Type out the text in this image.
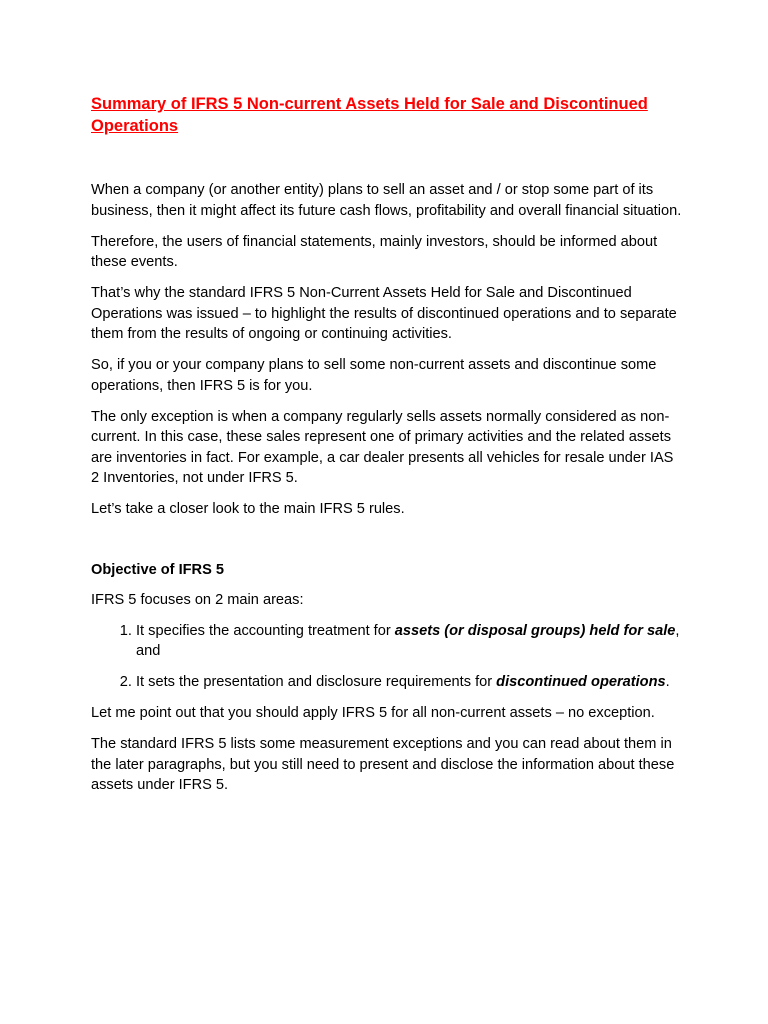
Summary of IFRS 5 Non-current Assets Held for Sale and Discontinued Operations

When a company (or another entity) plans to sell an asset and / or stop some part of its business, then it might affect its future cash flows, profitability and overall financial situation.

Therefore, the users of financial statements, mainly investors, should be informed about these events.

That’s why the standard IFRS 5 Non-Current Assets Held for Sale and Discontinued Operations was issued – to highlight the results of discontinued operations and to separate them from the results of ongoing or continuing activities.

So, if you or your company plans to sell some non-current assets and discontinue some operations, then IFRS 5 is for you.

The only exception is when a company regularly sells assets normally considered as non-current. In this case, these sales represent one of primary activities and the related assets are inventories in fact. For example, a car dealer presents all vehicles for resale under IAS 2 Inventories, not under IFRS 5.

Let’s take a closer look to the main IFRS 5 rules.

Objective of IFRS 5

IFRS 5 focuses on 2 main areas:

1. It specifies the accounting treatment for assets (or disposal groups) held for sale, and
2. It sets the presentation and disclosure requirements for discontinued operations.

Let me point out that you should apply IFRS 5 for all non-current assets – no exception.

The standard IFRS 5 lists some measurement exceptions and you can read about them in the later paragraphs, but you still need to present and disclose the information about these assets under IFRS 5.
